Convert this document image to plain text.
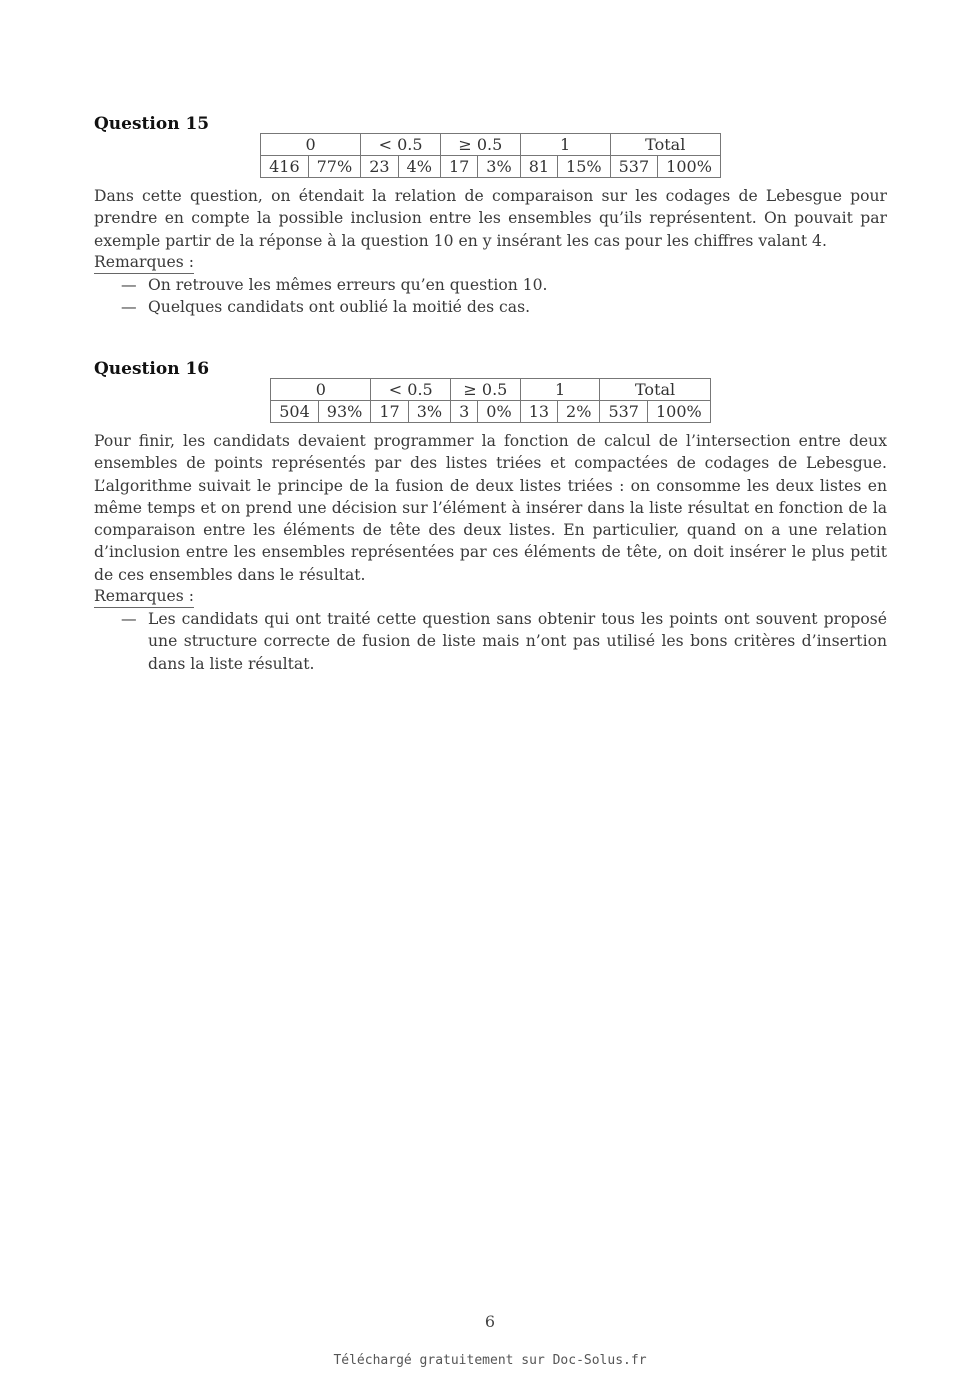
Question 15
0		< 0.5		≥ 0.5		1		Total	
416	77%	23	4%	17	3%	81	15%	537	100%
Dans cette question, on étendait la relation de comparaison sur les codages de Lebesgue pour prendre en compte la possible inclusion entre les ensembles qu’ils représentent. On pouvait par exemple partir de la réponse à la question 10 en y insérant les cas pour les chiffres valant 4.
Remarques :
— On retrouve les mêmes erreurs qu’en question 10.
— Quelques candidats ont oublié la moitié des cas.
Question 16
0		< 0.5		≥ 0.5		1		Total	
504	93%	17	3%	3	0%	13	2%	537	100%
Pour finir, les candidats devaient programmer la fonction de calcul de l’intersection entre deux ensembles de points représentés par des listes triées et compactées de codages de Lebesgue. L’algorithme suivait le principe de la fusion de deux listes triées : on consomme les deux listes en même temps et on prend une décision sur l’élément à insérer dans la liste résultat en fonction de la comparaison entre les éléments de tête des deux listes. En particulier, quand on a une relation d’inclusion entre les ensembles représentées par ces éléments de tête, on doit insérer le plus petit de ces ensembles dans le résultat.
Remarques :
— Les candidats qui ont traité cette question sans obtenir tous les points ont souvent proposé une structure correcte de fusion de liste mais n’ont pas utilisé les bons critères d’insertion dans la liste résultat.
6
Téléchargé gratuitement sur Doc-Solus.fr
